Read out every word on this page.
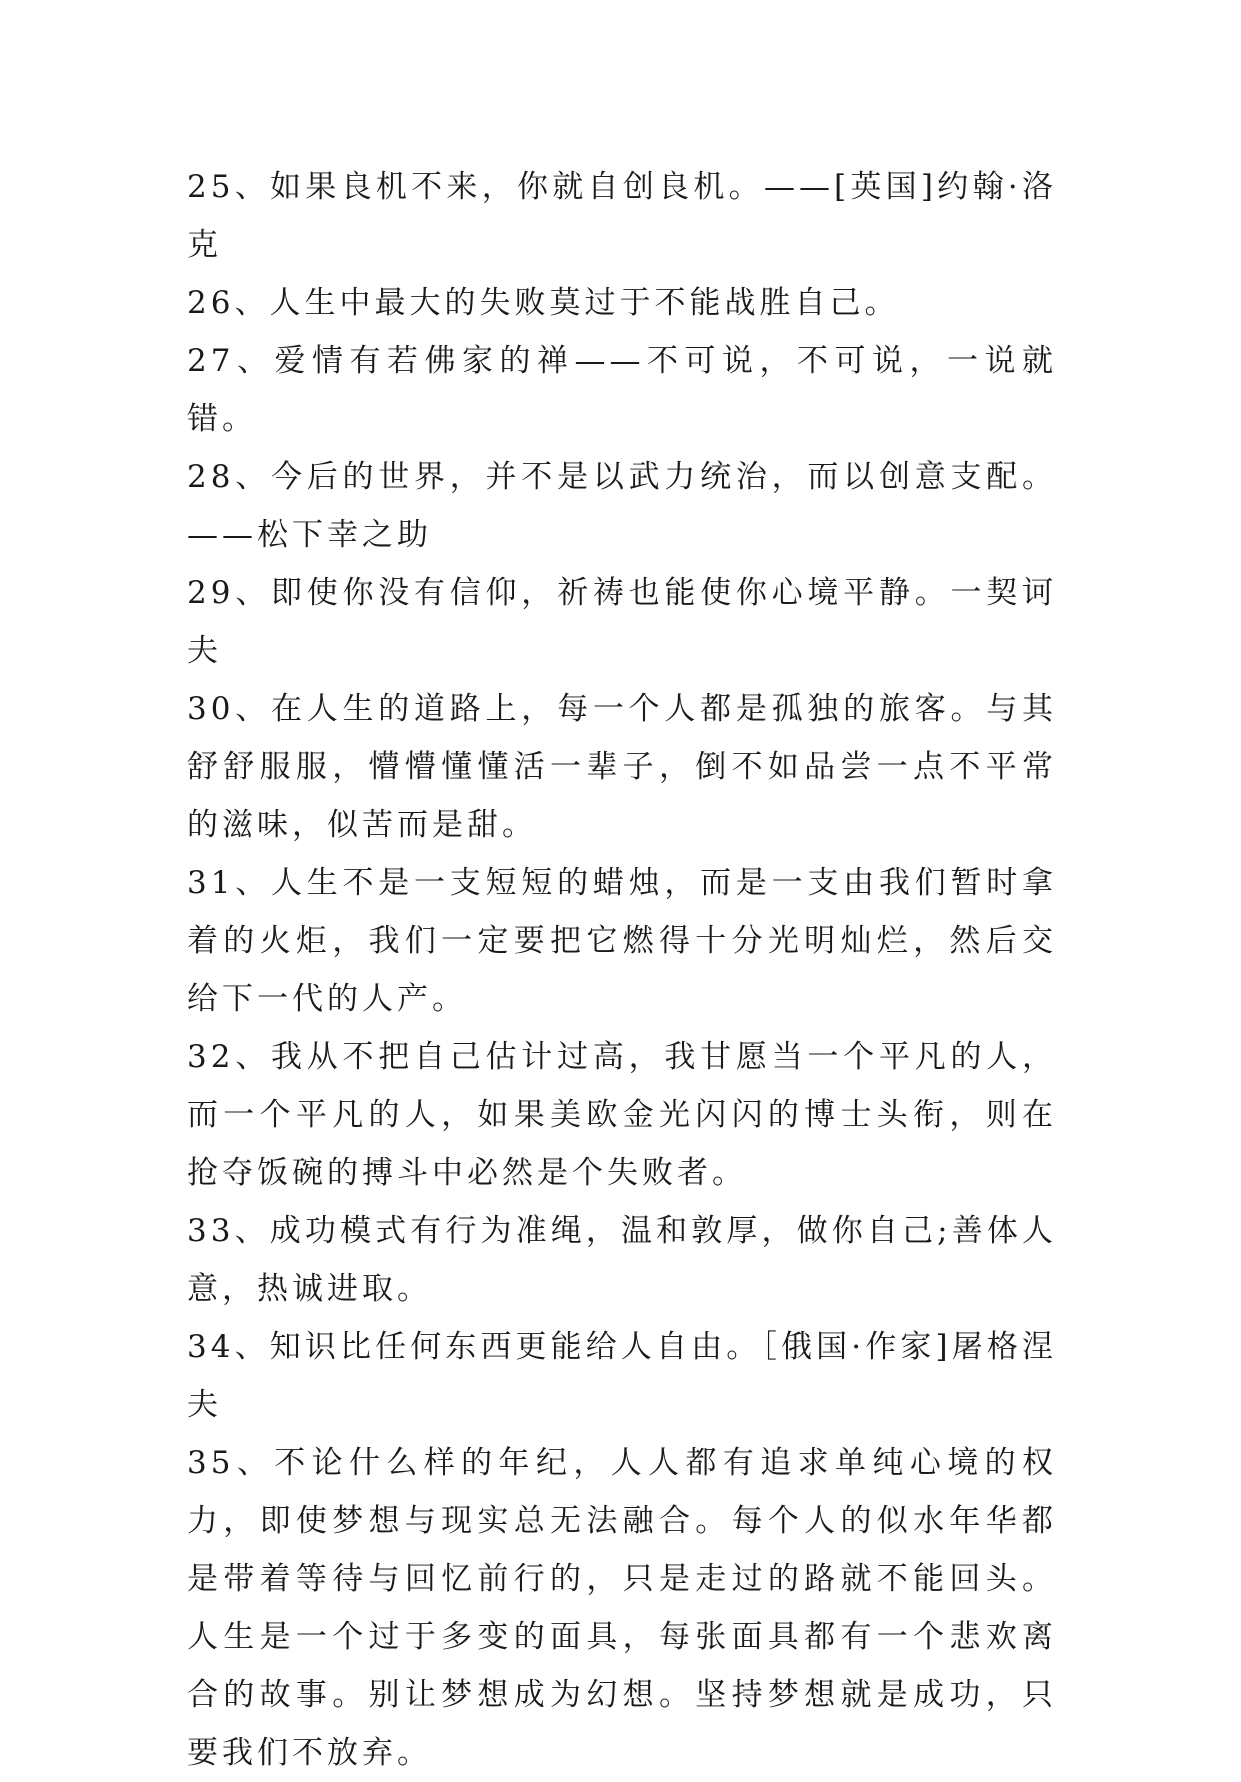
25、如果良机不来，你就自创良机。——[英国]约翰·洛克

26、人生中最大的失败莫过于不能战胜自己。

27、爱情有若佛家的禅——不可说，不可说，一说就错。

28、今后的世界，并不是以武力统治，而以创意支配。——松下幸之助

29、即使你没有信仰，祈祷也能使你心境平静。一契诃夫

30、在人生的道路上，每一个人都是孤独的旅客。与其舒舒服服，懵懵懂懂活一辈子，倒不如品尝一点不平常的滋味，似苦而是甜。

31、人生不是一支短短的蜡烛，而是一支由我们暂时拿着的火炬，我们一定要把它燃得十分光明灿烂，然后交给下一代的人产。

32、我从不把自己估计过高，我甘愿当一个平凡的人，而一个平凡的人，如果美欧金光闪闪的博士头衔，则在抢夺饭碗的搏斗中必然是个失败者。

33、成功模式有行为准绳，温和敦厚，做你自己;善体人意，热诚进取。

34、知识比任何东西更能给人自由。［俄国·作家]屠格涅夫

35、不论什么样的年纪，人人都有追求单纯心境的权力，即使梦想与现实总无法融合。每个人的似水年华都是带着等待与回忆前行的，只是走过的路就不能回头。人生是一个过于多变的面具，每张面具都有一个悲欢离合的故事。别让梦想成为幻想。坚持梦想就是成功，只要我们不放弃。
